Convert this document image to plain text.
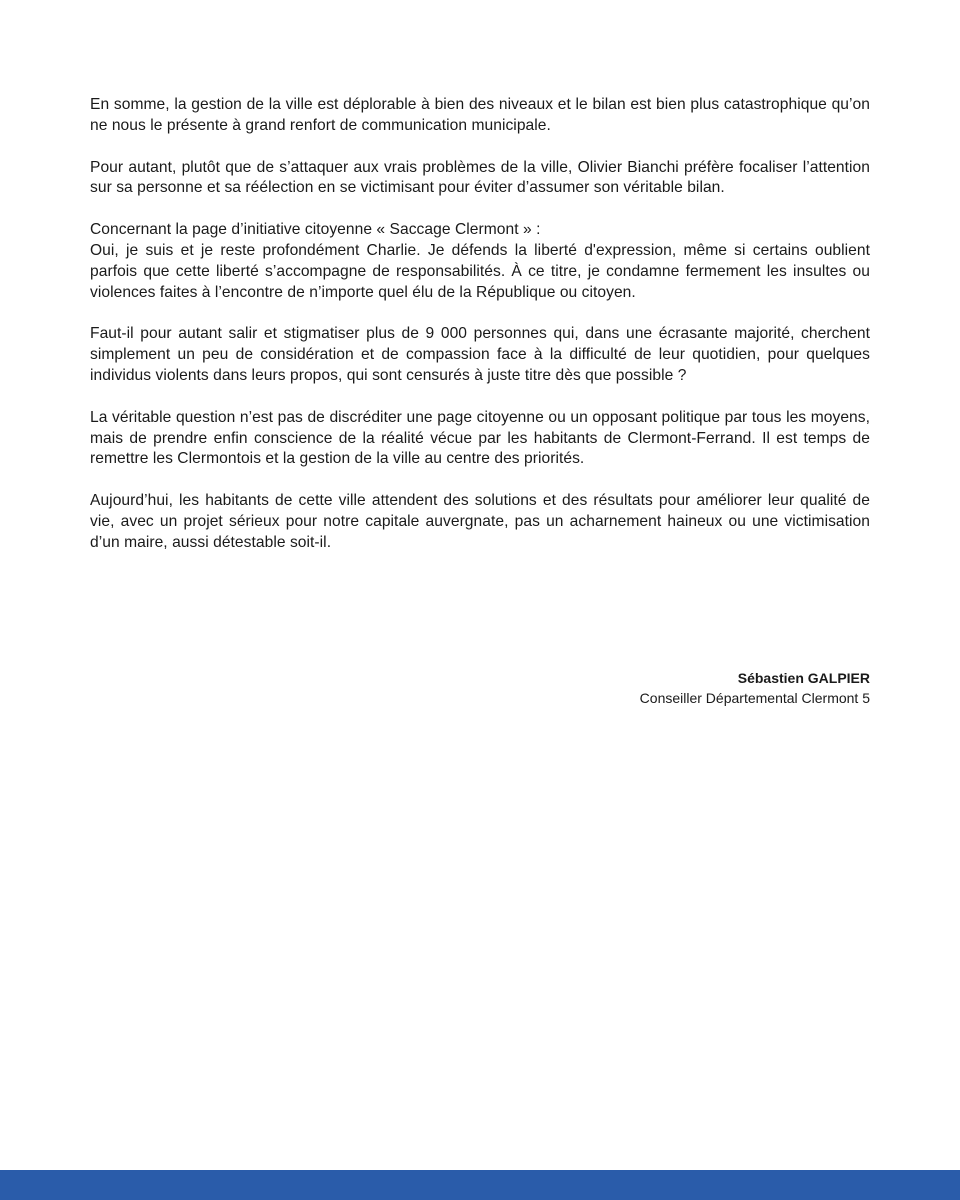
En somme, la gestion de la ville est déplorable à bien des niveaux et le bilan est bien plus catastrophique qu’on ne nous le présente à grand renfort de communication municipale.

Pour autant, plutôt que de s’attaquer aux vrais problèmes de la ville, Olivier Bianchi préfère focaliser l’attention sur sa personne et sa réélection en se victimisant pour éviter d’assumer son véritable bilan.

Concernant la page d’initiative citoyenne « Saccage Clermont » :
Oui, je suis et je reste profondément Charlie. Je défends la liberté d'expression, même si certains oublient parfois que cette liberté s’accompagne de responsabilités. À ce titre, je condamne fermement les insultes ou violences faites à l’encontre de n’importe quel élu de la République ou citoyen.

Faut-il pour autant salir et stigmatiser plus de 9 000 personnes qui, dans une écrasante majorité, cherchent simplement un peu de considération et de compassion face à la difficulté de leur quotidien, pour quelques individus violents dans leurs propos, qui sont censurés à juste titre dès que possible ?

La véritable question n’est pas de discréditer une page citoyenne ou un opposant politique par tous les moyens, mais de prendre enfin conscience de la réalité vécue par les habitants de Clermont-Ferrand. Il est temps de remettre les Clermontois et la gestion de la ville au centre des priorités.

Aujourd’hui, les habitants de cette ville attendent des solutions et des résultats pour améliorer leur qualité de vie, avec un projet sérieux pour notre capitale auvergnate, pas un acharnement haineux ou une victimisation d’un maire, aussi détestable soit-il.

Sébastien GALPIER
Conseiller Départemental Clermont 5
